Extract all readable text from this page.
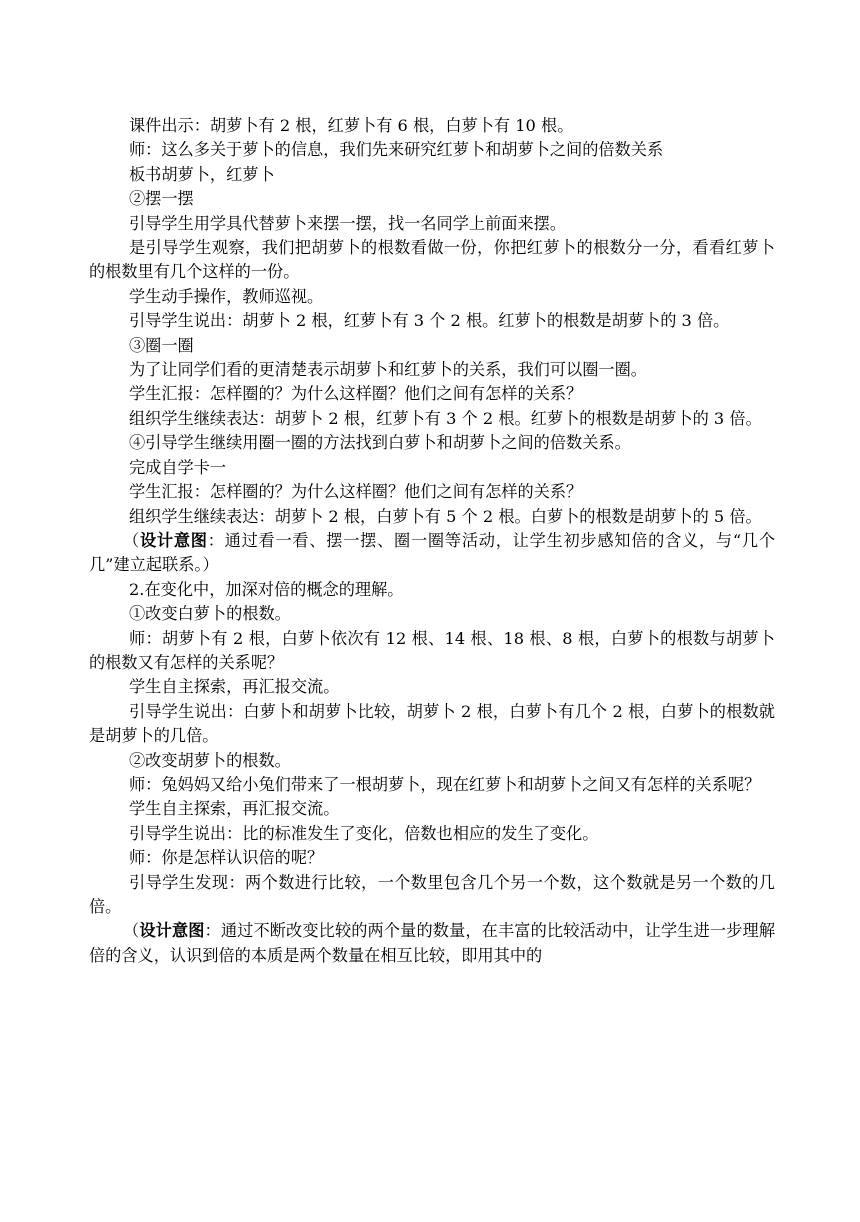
课件出示：胡萝卜有 2 根，红萝卜有 6 根，白萝卜有 10 根。

师：这么多关于萝卜的信息，我们先来研究红萝卜和胡萝卜之间的倍数关系

板书胡萝卜，红萝卜

②摆一摆

引导学生用学具代替萝卜来摆一摆，找一名同学上前面来摆。

是引导学生观察，我们把胡萝卜的根数看做一份，你把红萝卜的根数分一分，看看红萝卜的根数里有几个这样的一份。

学生动手操作，教师巡视。

引导学生说出：胡萝卜 2 根，红萝卜有 3 个 2 根。红萝卜的根数是胡萝卜的 3 倍。

③圈一圈

为了让同学们看的更清楚表示胡萝卜和红萝卜的关系，我们可以圈一圈。

学生汇报：怎样圈的？为什么这样圈？他们之间有怎样的关系？

组织学生继续表达：胡萝卜 2 根，红萝卜有 3 个 2 根。红萝卜的根数是胡萝卜的 3 倍。

④引导学生继续用圈一圈的方法找到白萝卜和胡萝卜之间的倍数关系。

完成自学卡一

学生汇报：怎样圈的？为什么这样圈？他们之间有怎样的关系？

组织学生继续表达：胡萝卜 2 根，白萝卜有 5 个 2 根。白萝卜的根数是胡萝卜的 5 倍。

（设计意图：通过看一看、摆一摆、圈一圈等活动，让学生初步感知倍的含义，与“几个几”建立起联系。）

2.在变化中，加深对倍的概念的理解。

①改变白萝卜的根数。

师：胡萝卜有 2 根，白萝卜依次有 12 根、14 根、18 根、8 根，白萝卜的根数与胡萝卜的根数又有怎样的关系呢？

学生自主探索，再汇报交流。

引导学生说出：白萝卜和胡萝卜比较，胡萝卜 2 根，白萝卜有几个 2 根，白萝卜的根数就是胡萝卜的几倍。

②改变胡萝卜的根数。

师：兔妈妈又给小兔们带来了一根胡萝卜，现在红萝卜和胡萝卜之间又有怎样的关系呢？

学生自主探索，再汇报交流。

引导学生说出：比的标准发生了变化，倍数也相应的发生了变化。

师：你是怎样认识倍的呢？

引导学生发现：两个数进行比较，一个数里包含几个另一个数，这个数就是另一个数的几倍。

（设计意图：通过不断改变比较的两个量的数量，在丰富的比较活动中，让学生进一步理解倍的含义，认识到倍的本质是两个数量在相互比较，即用其中的
